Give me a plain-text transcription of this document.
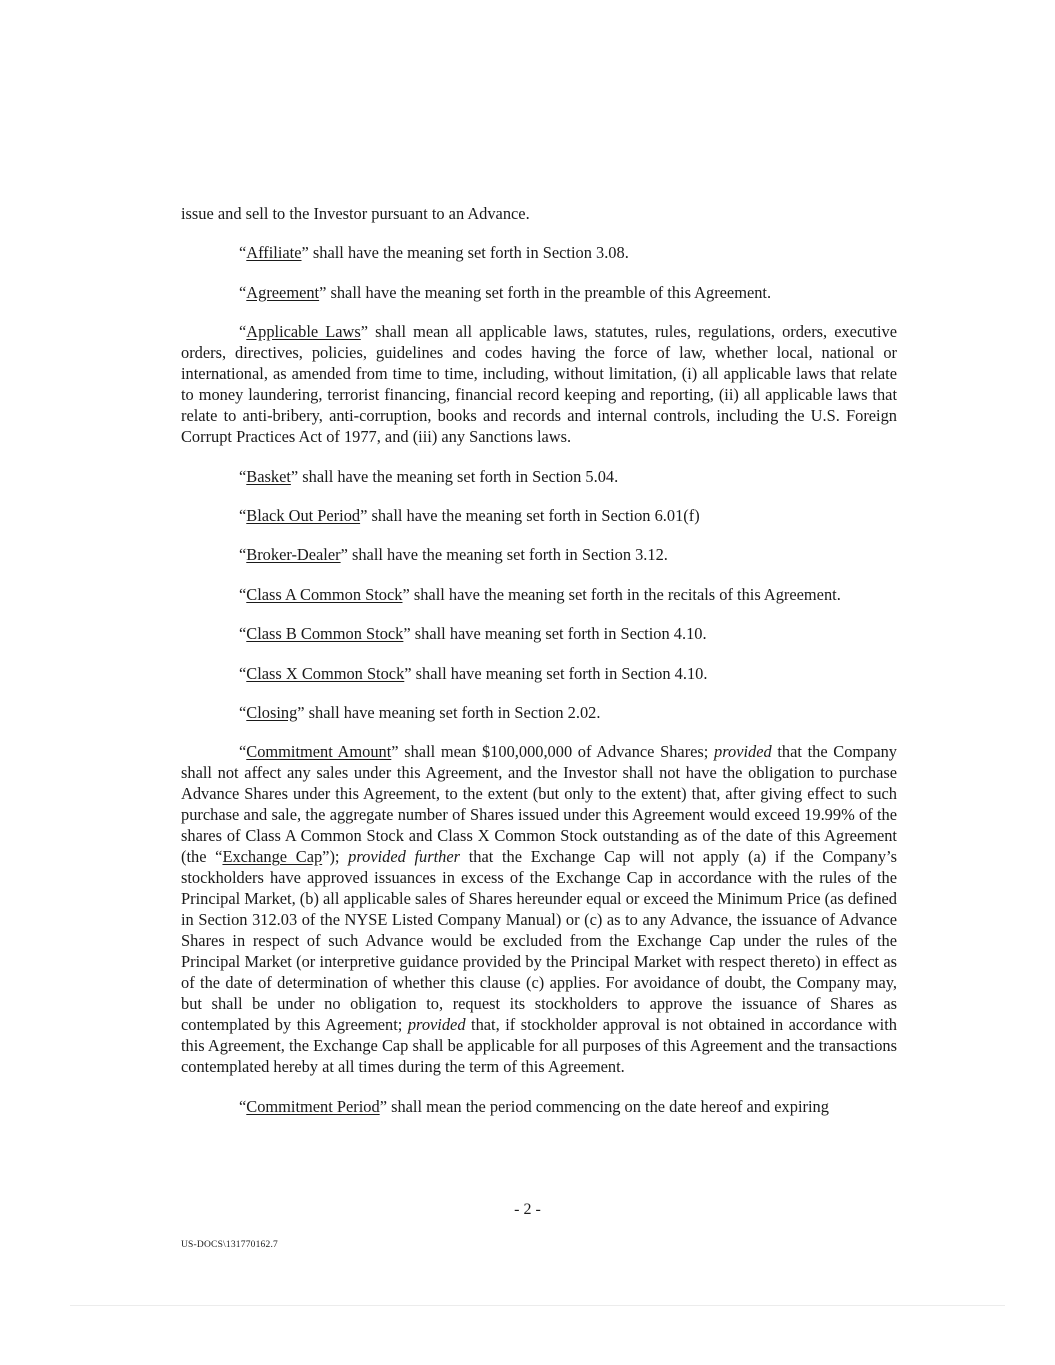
issue and sell to the Investor pursuant to an Advance.

“Affiliate” shall have the meaning set forth in Section 3.08.

“Agreement” shall have the meaning set forth in the preamble of this Agreement.

“Applicable Laws” shall mean all applicable laws, statutes, rules, regulations, orders, executive orders, directives, policies, guidelines and codes having the force of law, whether local, national or international, as amended from time to time, including, without limitation, (i) all applicable laws that relate to money laundering, terrorist financing, financial record keeping and reporting, (ii) all applicable laws that relate to anti-bribery, anti-corruption, books and records and internal controls, including the U.S. Foreign Corrupt Practices Act of 1977, and (iii) any Sanctions laws.

“Basket” shall have the meaning set forth in Section 5.04.

“Black Out Period” shall have the meaning set forth in Section 6.01(f)

“Broker-Dealer” shall have the meaning set forth in Section 3.12.

“Class A Common Stock” shall have the meaning set forth in the recitals of this Agreement.

“Class B Common Stock” shall have meaning set forth in Section 4.10.

“Class X Common Stock” shall have meaning set forth in Section 4.10.

“Closing” shall have meaning set forth in Section 2.02.

“Commitment Amount” shall mean $100,000,000 of Advance Shares; provided that the Company shall not affect any sales under this Agreement, and the Investor shall not have the obligation to purchase Advance Shares under this Agreement, to the extent (but only to the extent) that, after giving effect to such purchase and sale, the aggregate number of Shares issued under this Agreement would exceed 19.99% of the shares of Class A Common Stock and Class X Common Stock outstanding as of the date of this Agreement (the “Exchange Cap”); provided further that the Exchange Cap will not apply (a) if the Company’s stockholders have approved issuances in excess of the Exchange Cap in accordance with the rules of the Principal Market, (b) all applicable sales of Shares hereunder equal or exceed the Minimum Price (as defined in Section 312.03 of the NYSE Listed Company Manual) or (c) as to any Advance, the issuance of Advance Shares in respect of such Advance would be excluded from the Exchange Cap under the rules of the Principal Market (or interpretive guidance provided by the Principal Market with respect thereto) in effect as of the date of determination of whether this clause (c) applies. For avoidance of doubt, the Company may, but shall be under no obligation to, request its stockholders to approve the issuance of Shares as contemplated by this Agreement; provided that, if stockholder approval is not obtained in accordance with this Agreement, the Exchange Cap shall be applicable for all purposes of this Agreement and the transactions contemplated hereby at all times during the term of this Agreement.

“Commitment Period” shall mean the period commencing on the date hereof and expiring

- 2 -
US-DOCS\131770162.7
